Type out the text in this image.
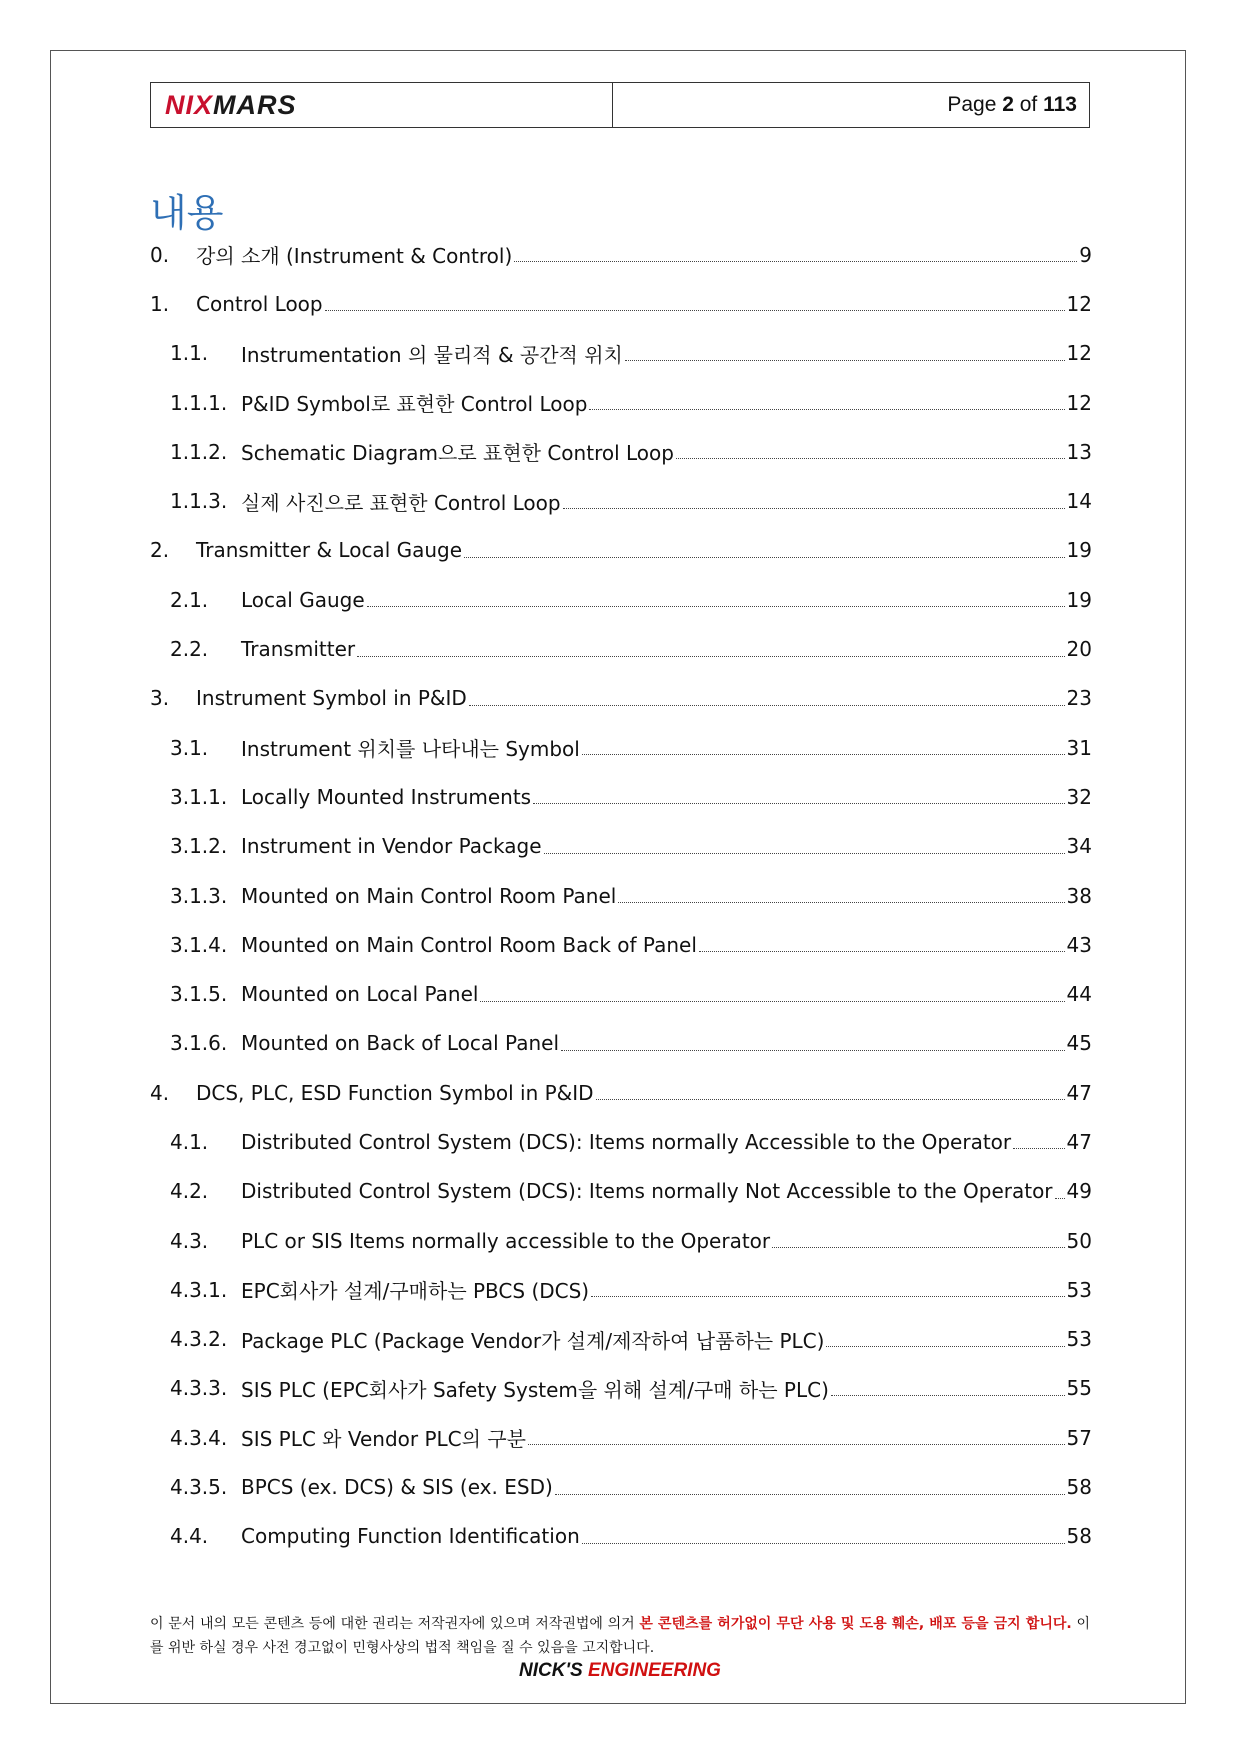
NIXMARS	Page
2
of
113
내용
0.	강의 소개 (Instrument & Control)	9
1.	Control Loop	12
1.1.	Instrumentation 의 물리적 & 공간적 위치	12
1.1.1. P&ID Symbol로 표현한 Control Loop	12
1.1.2. Schematic Diagram으로 표현한 Control Loop	13
1.1.3. 실제 사진으로 표현한 Control Loop	14
2.	Transmitter & Local Gauge	19
2.1.	Local Gauge	19
2.2.	Transmitter	20
3.	Instrument Symbol in P&ID	23
3.1.	Instrument 위치를 나타내는 Symbol	31
3.1.1. Locally Mounted Instruments	32
3.1.2. Instrument in Vendor Package	34
3.1.3. Mounted on Main Control Room Panel	38
3.1.4. Mounted on Main Control Room Back of Panel	43
3.1.5. Mounted on Local Panel	44
3.1.6. Mounted on Back of Local Panel	45
4.	DCS, PLC, ESD Function Symbol in P&ID	47
4.1.	Distributed Control System (DCS): Items normally Accessible to the Operator	47
4.2.	Distributed Control System (DCS): Items normally Not Accessible to the Operator 49
4.3.	PLC or SIS Items normally accessible to the Operator	50
4.3.1. EPC회사가 설계/구매하는 PBCS (DCS)	53
4.3.2. Package PLC (Package Vendor가 설계/제작하여 납품하는 PLC)	53
4.3.3. SIS PLC (EPC회사가 Safety System을 위해 설계/구매 하는 PLC)	55
4.3.4. SIS PLC 와 Vendor PLC의 구분	57
4.3.5. BPCS (ex. DCS) & SIS (ex. ESD)	58
4.4.	Computing Function Identification	58
이 문서 내의 모든 콘텐츠 등에 대한 권리는 저작권자에 있으며 저작권법에 의거 본 콘텐츠를 허가없이 무단 사용 및 도용 훼손, 배포 등을 금지 합니다. 이를 위반 하실 경우 사전 경고없이 민형사상의 법적 책임을 질 수 있음을 고지합니다.
NICK'S ENGINEERING
